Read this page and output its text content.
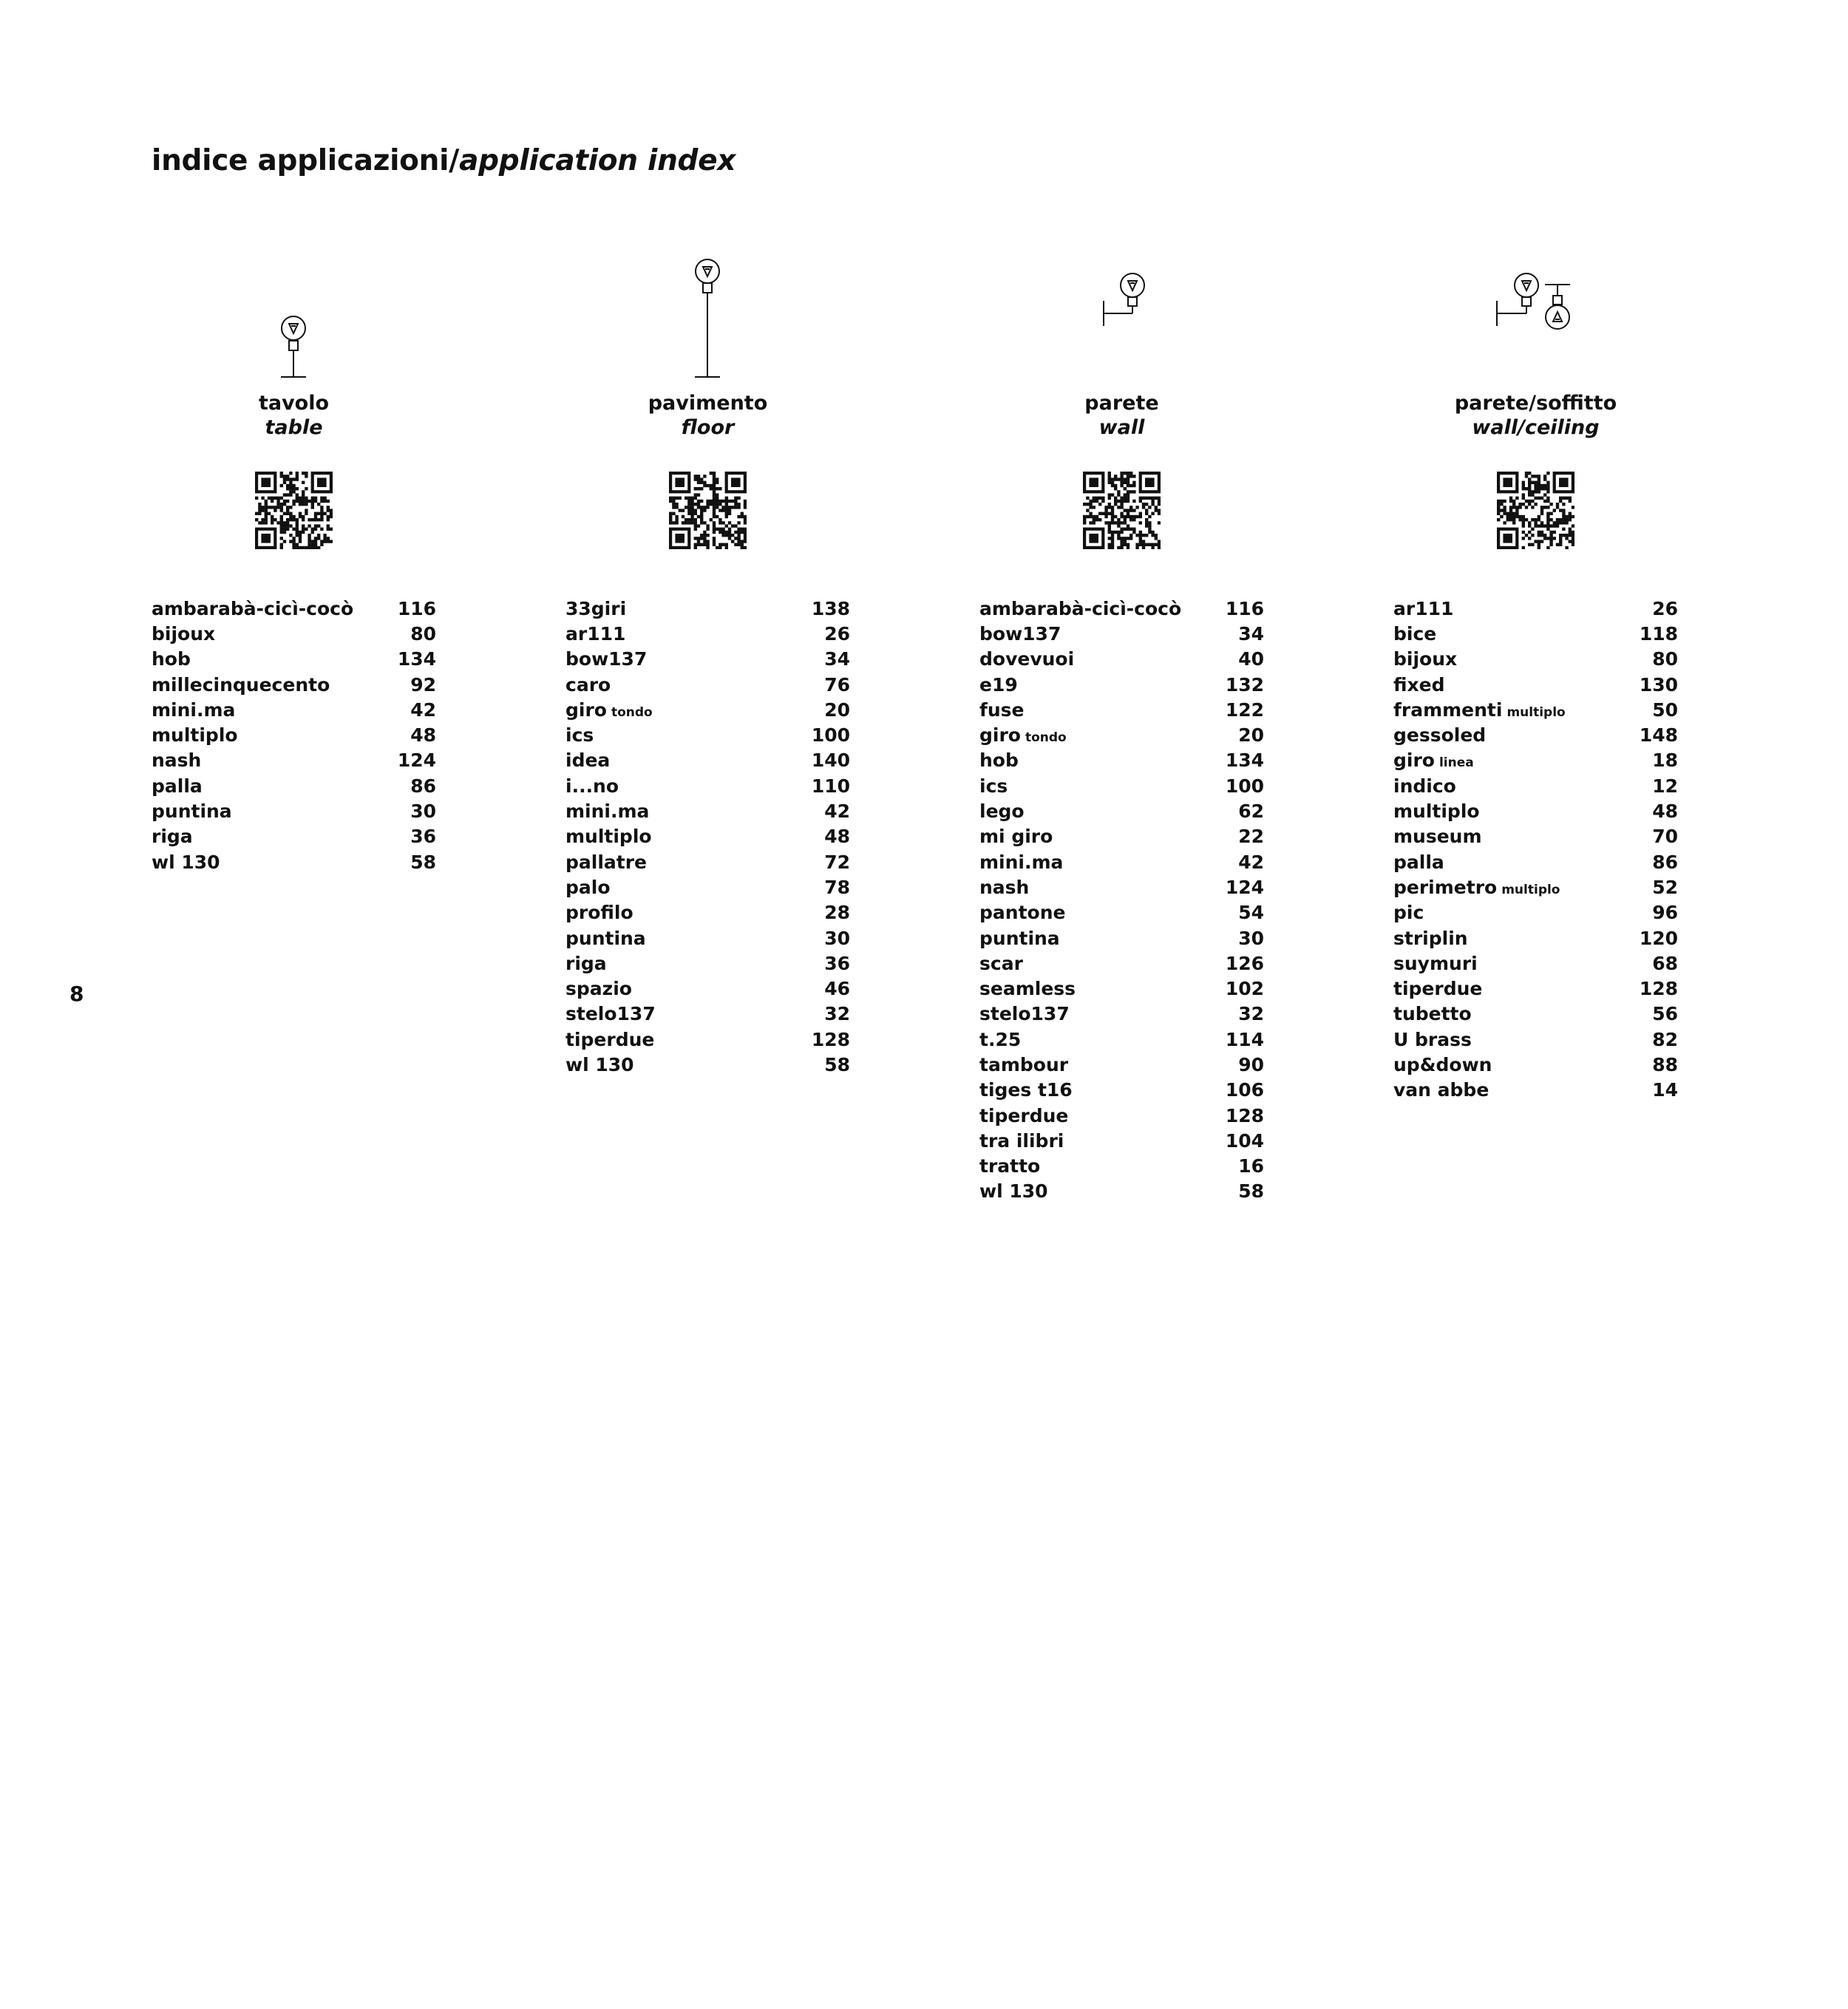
indice applicazioni/application index
8
tavolo
table
ambarabà-cicì-cocò 116
bijoux	80
hob	134
millecinquecento	92
mini.ma	42
multiplo	48
nash	124
palla	86
puntina	30
riga	36
wl 130	58
pavimento
floor
33giri	138
ar111	26
bow137	34
caro	76
giro tondo	20
ics	100
idea	140
i...no	110
mini.ma	42
multiplo	48
pallatre	72
palo	78
profilo	28
puntina	30
riga	36
spazio	46
stelo137	32
tiperdue	128
wl 130	58
parete
wall
ambarabà-cicì-cocò 116
bow137	34
dovevuoi	40
e19	132
fuse	122
giro tondo	20
hob	134
ics	100
lego	62
mi giro	22
mini.ma	42
nash	124
pantone	54
puntina	30
scar	126
seamless	102
stelo137	32
t.25	114
tambour	90
tiges t16	106
tiperdue	128
tra ilibri	104
tratto	16
wl 130	58
parete/soffitto
wall/ceiling
ar111	26
bice	118
bijoux	80
fixed	130
frammenti multiplo	50
gessoled	148
giro linea	18
indico	12
multiplo	48
museum	70
palla	86
perimetro multiplo	52
pic	96
striplin	120
suymuri	68
tiperdue	128
tubetto	56
U brass	82
up&down	88
van abbe	14
